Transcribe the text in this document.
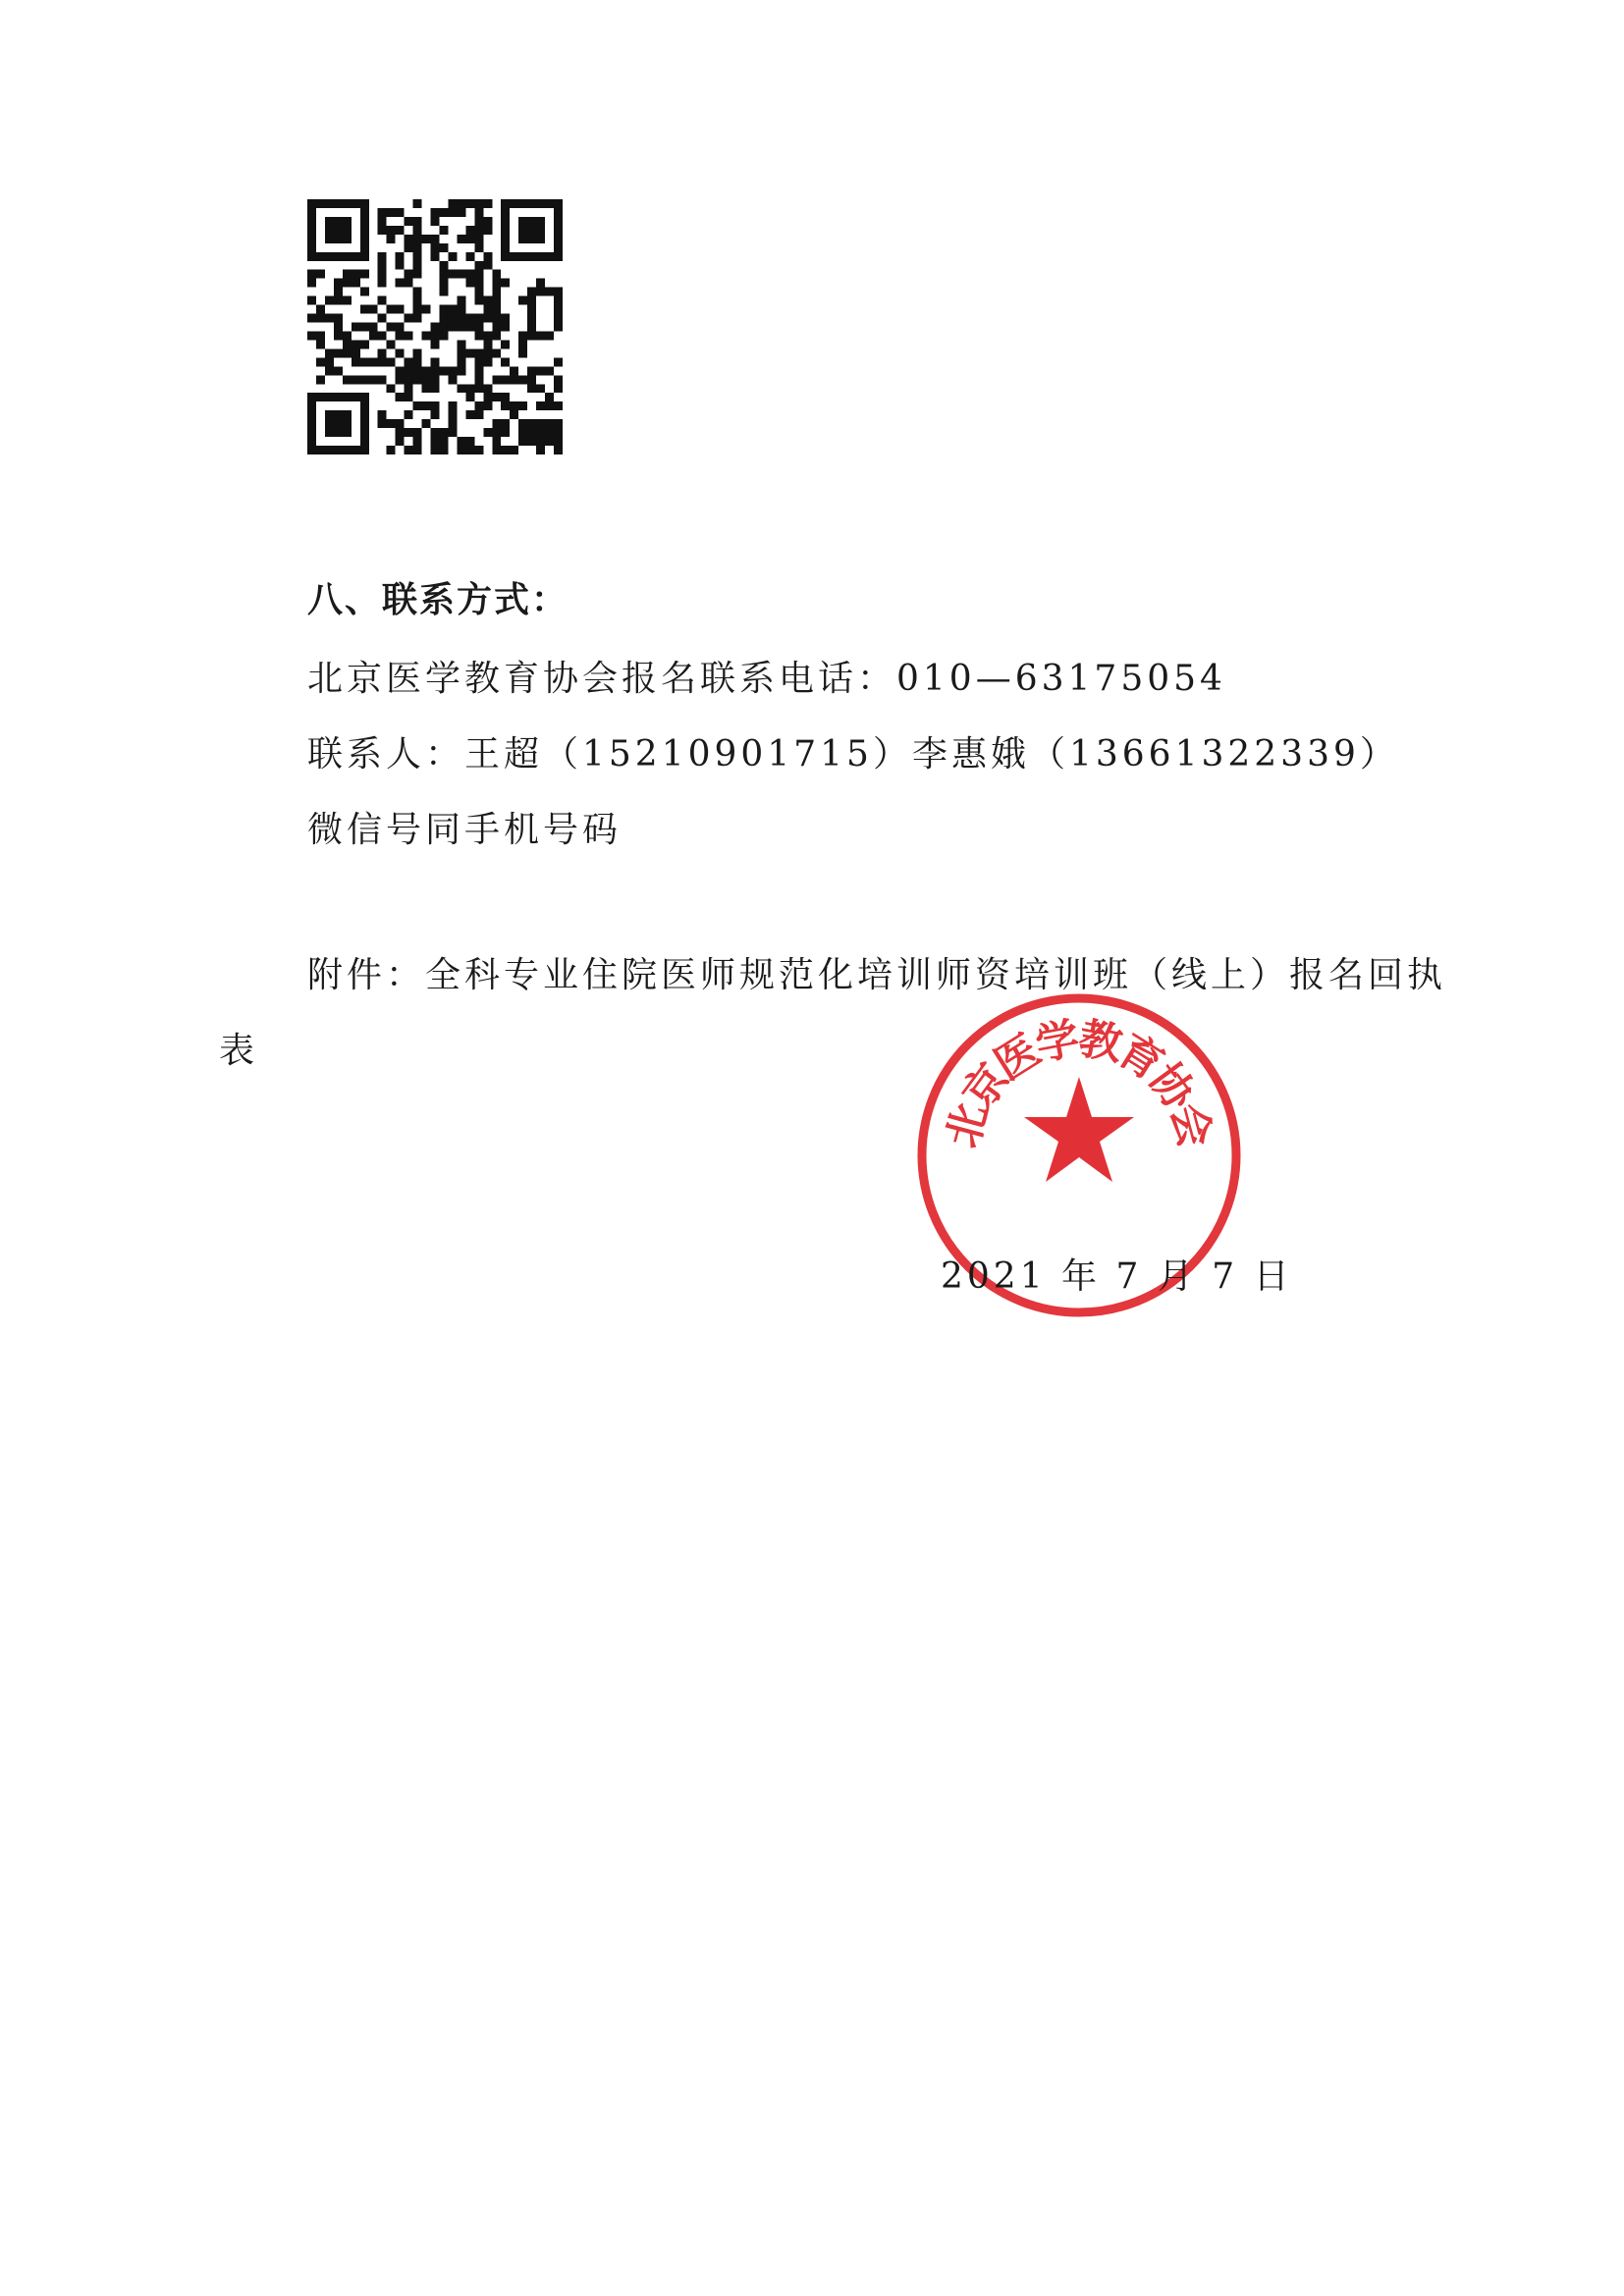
八、联系方式：
北京医学教育协会报名联系电话：010—63175054
联系人：王超（15210901715）李惠娥（13661322339）
微信号同手机号码
附件：全科专业住院医师规范化培训师资培训班（线上）报名回执表
北
京
医
学
教
育
协
会
2021 年 7 月 7 日
